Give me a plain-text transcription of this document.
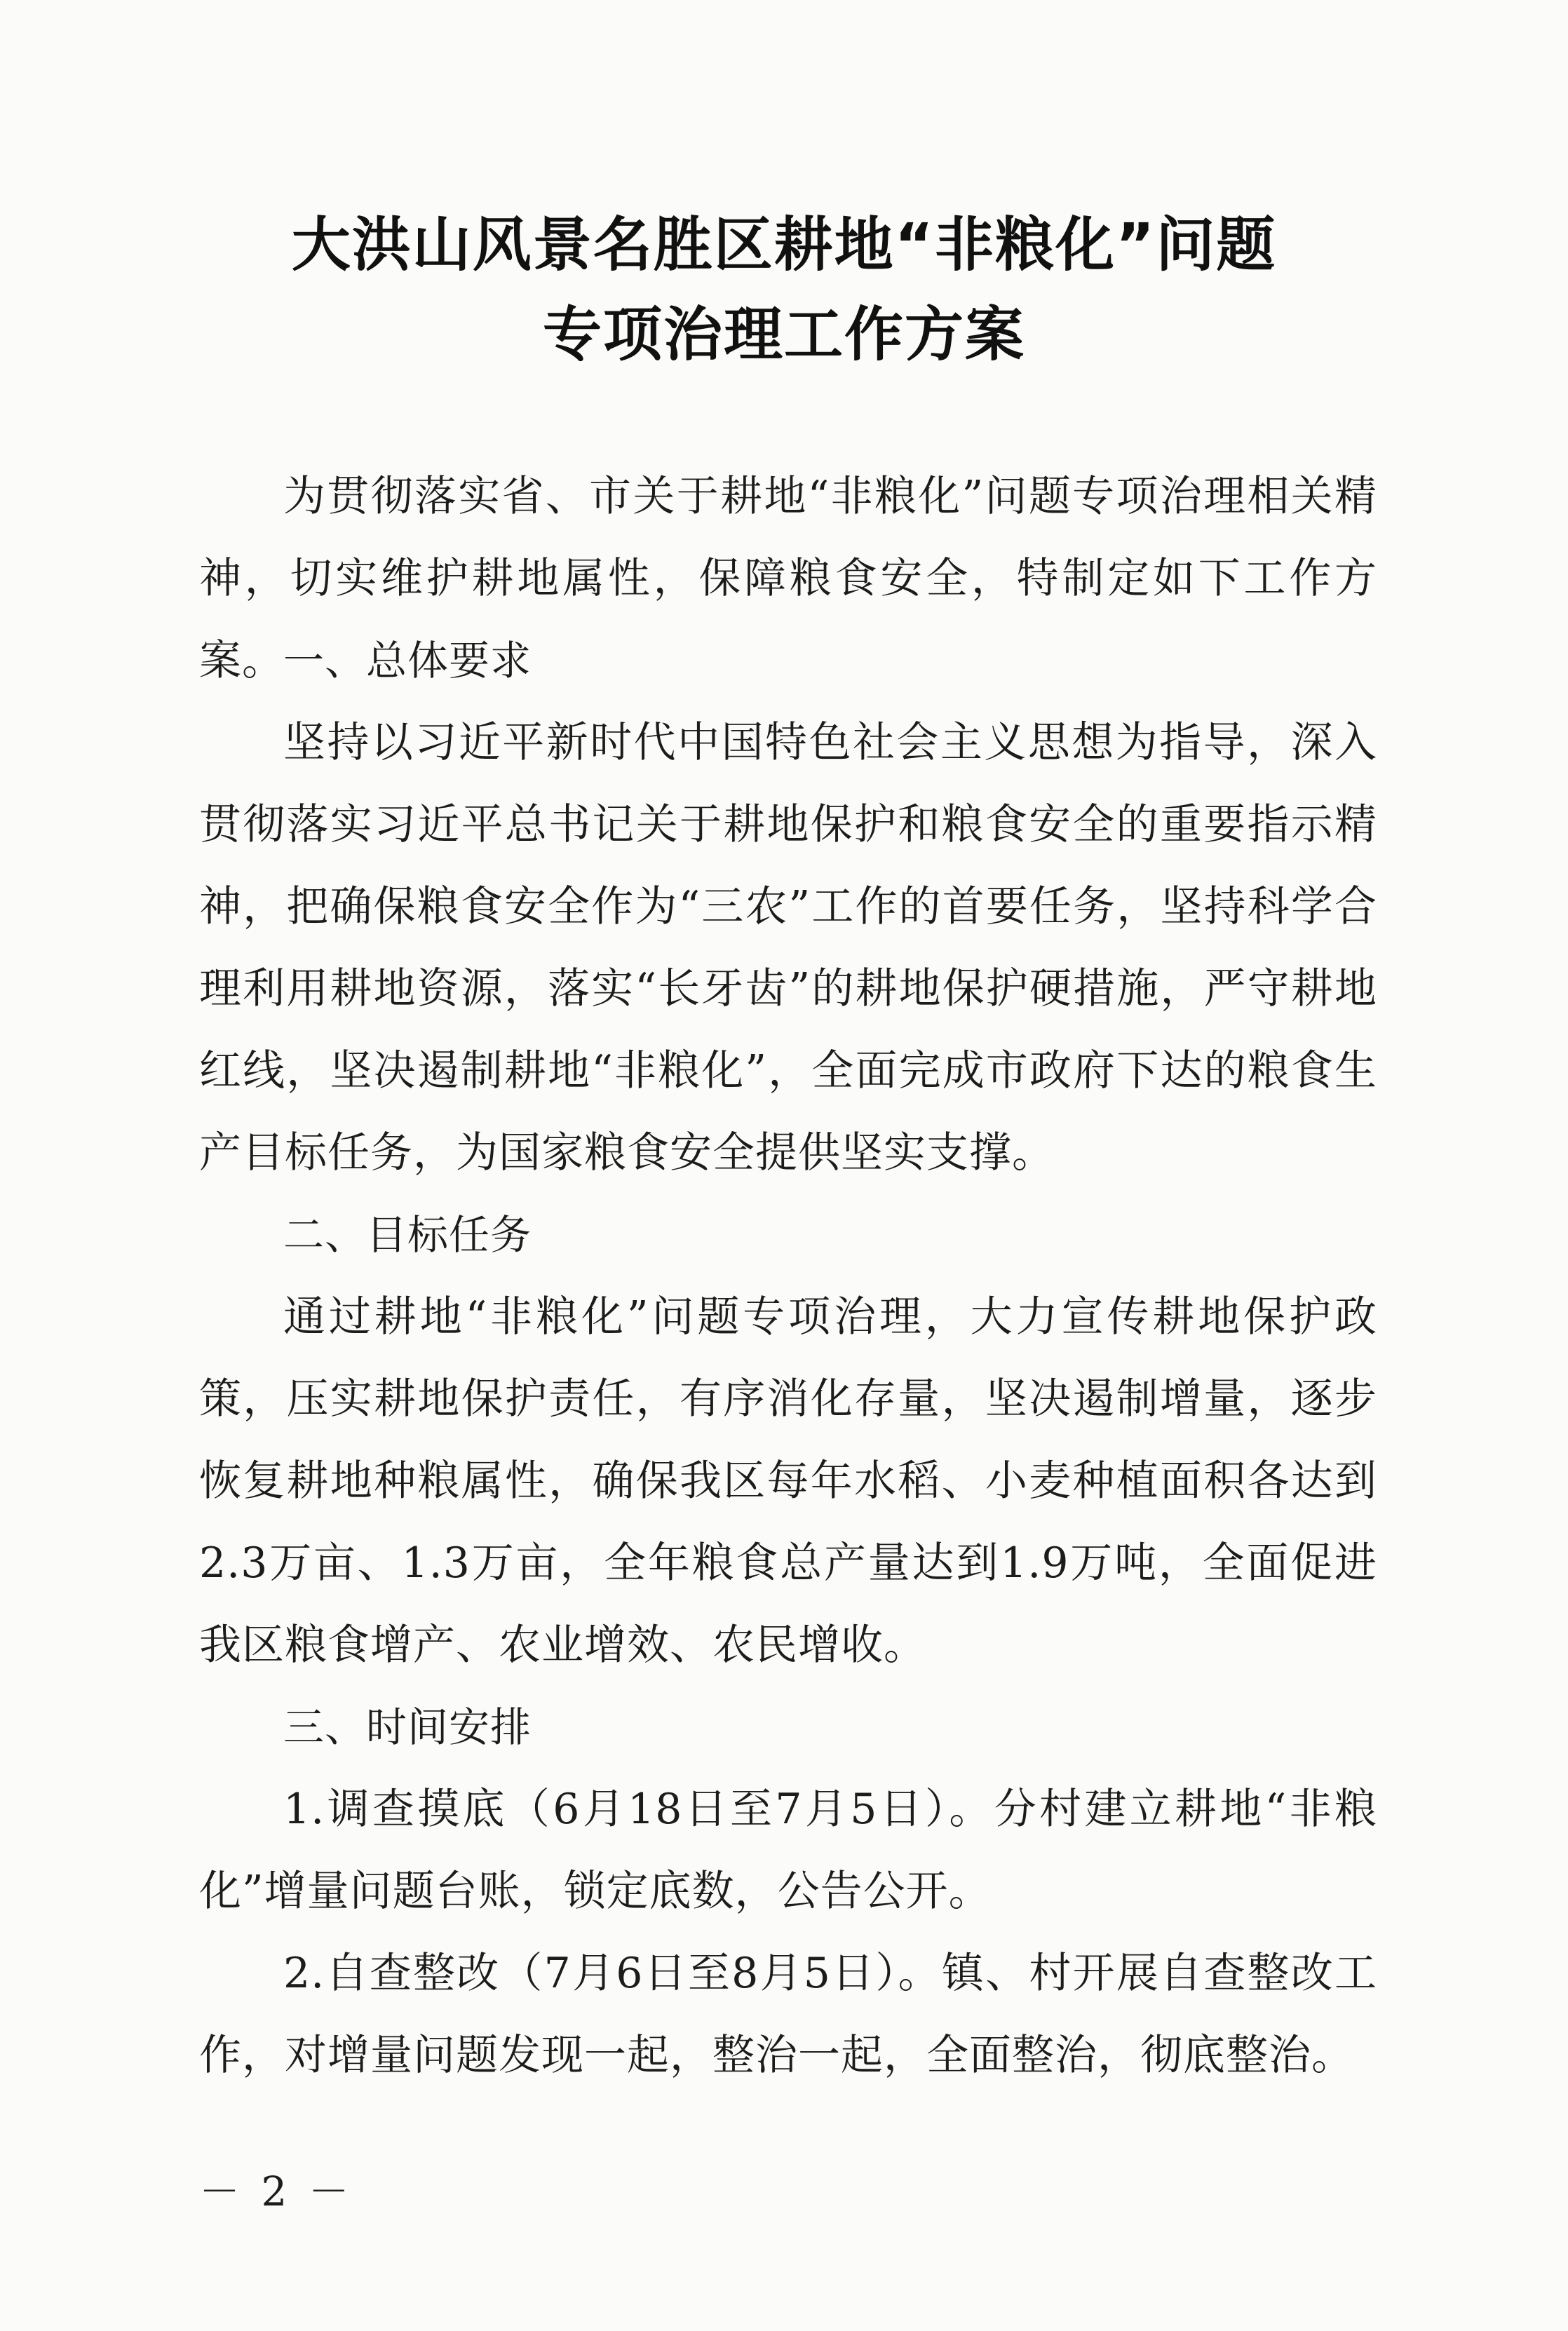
大洪山风景名胜区耕地“非粮化”问题
专项治理工作方案

为贯彻落实省、市关于耕地“非粮化”问题专项治理相关精神，切实维护耕地属性，保障粮食安全，特制定如下工作方案。

一、总体要求

坚持以习近平新时代中国特色社会主义思想为指导，深入贯彻落实习近平总书记关于耕地保护和粮食安全的重要指示精神，把确保粮食安全作为“三农”工作的首要任务，坚持科学合理利用耕地资源，落实“长牙齿”的耕地保护硬措施，严守耕地红线，坚决遏制耕地“非粮化”，全面完成市政府下达的粮食生产目标任务，为国家粮食安全提供坚实支撑。

二、目标任务

通过耕地“非粮化”问题专项治理，大力宣传耕地保护政策，压实耕地保护责任，有序消化存量，坚决遏制增量，逐步恢复耕地种粮属性，确保我区每年水稻、小麦种植面积各达到2.3万亩、1.3万亩，全年粮食总产量达到1.9万吨，全面促进我区粮食增产、农业增效、农民增收。

三、时间安排

1.调查摸底（6月18日至7月5日）。分村建立耕地“非粮化”增量问题台账，锁定底数，公告公开。

2.自查整改（7月6日至8月5日）。镇、村开展自查整改工作，对增量问题发现一起，整治一起，全面整治，彻底整治。

－ 2 －
